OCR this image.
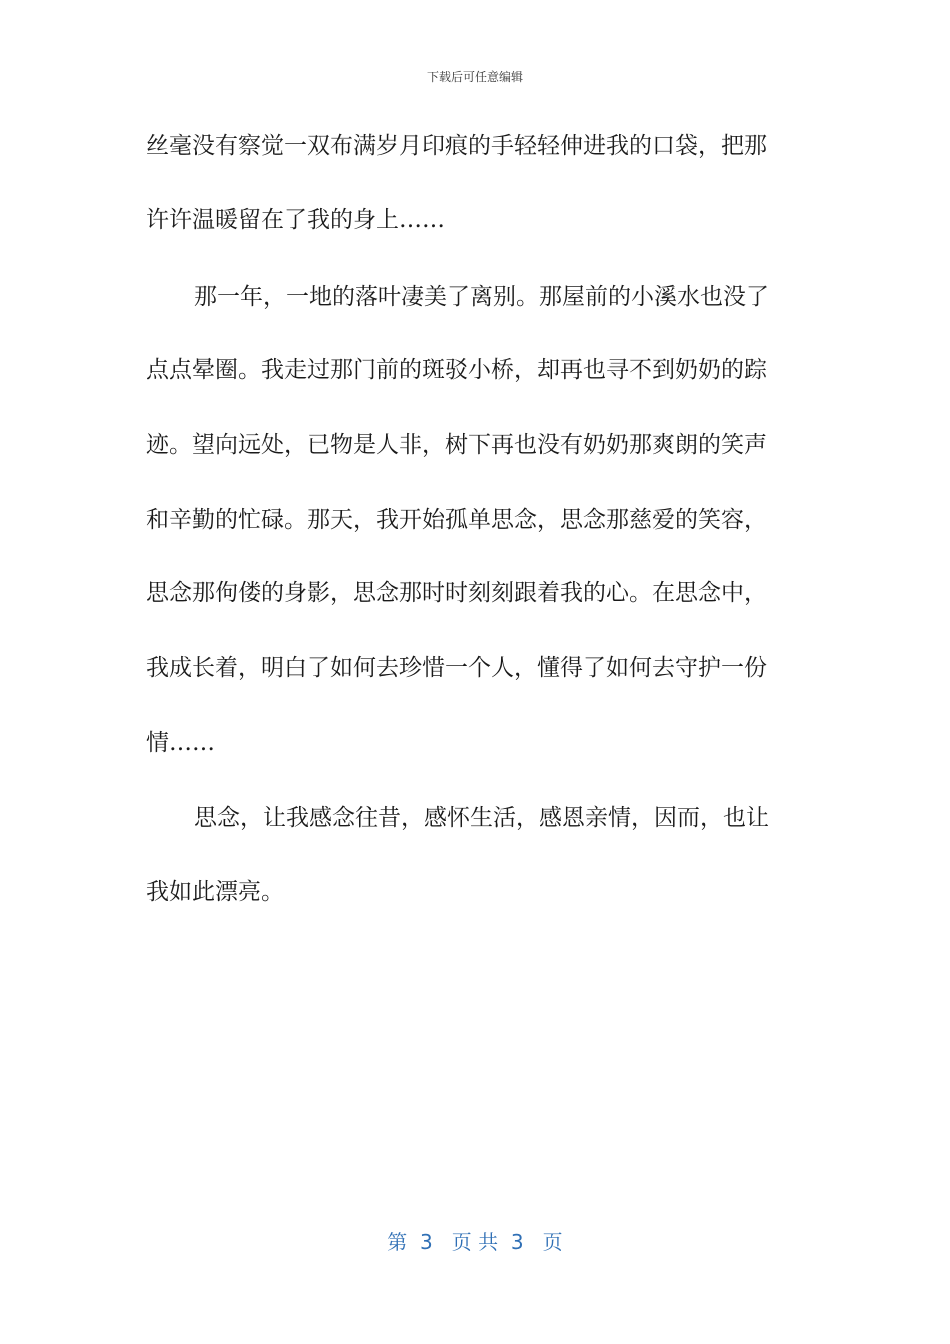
下载后可任意编辑
丝毫没有察觉一双布满岁月印痕的手轻轻伸进我的口袋，把那
许许温暖留在了我的身上……
那一年，一地的落叶凄美了离别。那屋前的小溪水也没了
点点晕圈。我走过那门前的斑驳小桥，却再也寻不到奶奶的踪
迹。望向远处，已物是人非，树下再也没有奶奶那爽朗的笑声
和辛勤的忙碌。那天，我开始孤单思念，思念那慈爱的笑容，
思念那佝偻的身影，思念那时时刻刻跟着我的心。在思念中，
我成长着，明白了如何去珍惜一个人，懂得了如何去守护一份
情……
思念，让我感念往昔，感怀生活，感恩亲情，因而，也让
我如此漂亮。
第  3   页 共  3   页
